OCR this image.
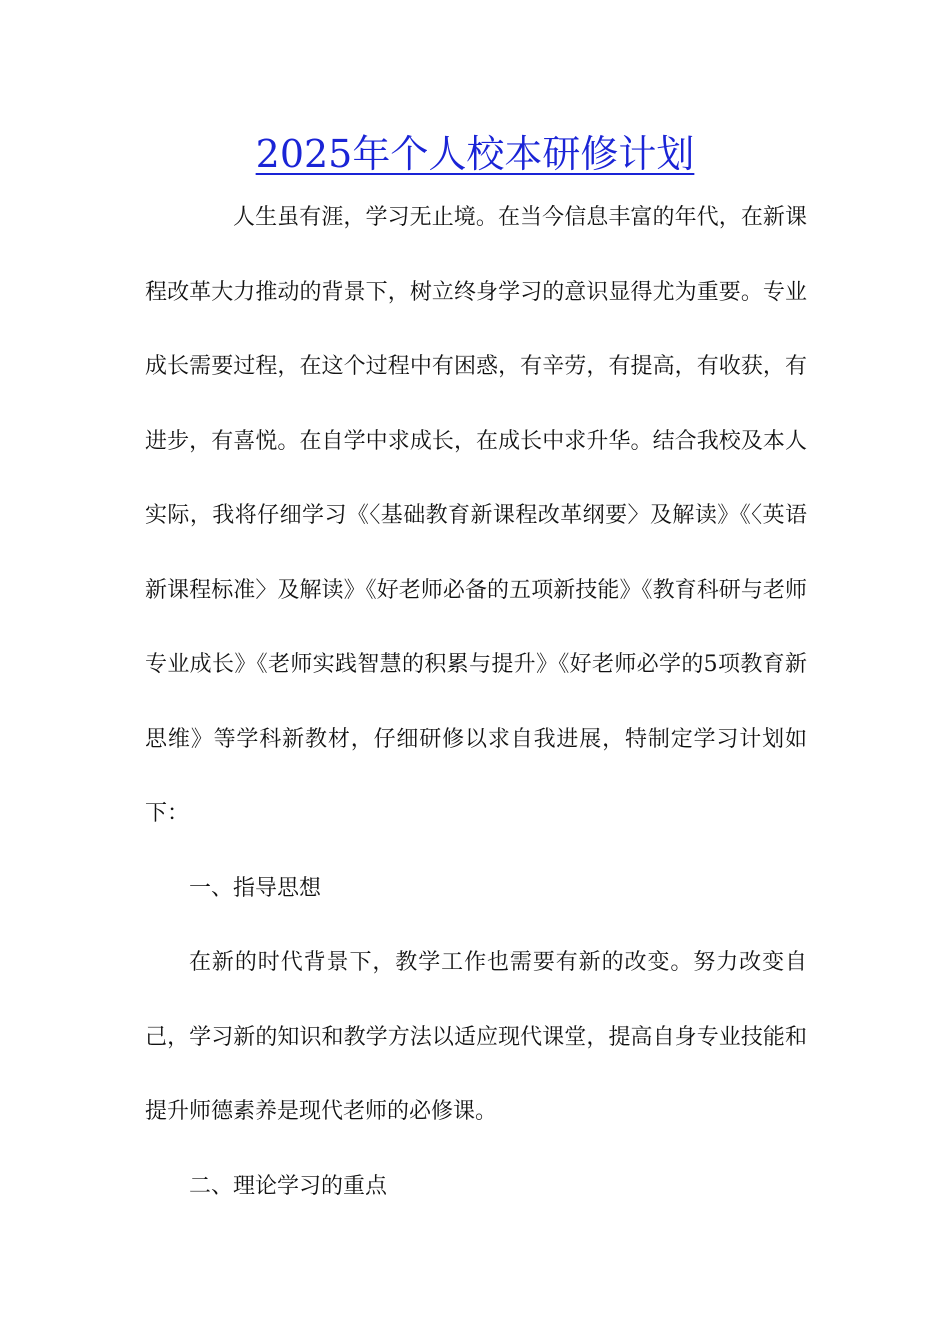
2025年个人校本研修计划

人生虽有涯，学习无止境。在当今信息丰富的年代，在新课程改革大力推动的背景下，树立终身学习的意识显得尤为重要。专业成长需要过程，在这个过程中有困惑，有辛劳，有提高，有收获，有进步，有喜悦。在自学中求成长，在成长中求升华。结合我校及本人实际，我将仔细学习《〈基础教育新课程改革纲要〉及解读》《〈英语新课程标准〉及解读》《好老师必备的五项新技能》《教育科研与老师专业成长》《老师实践智慧的积累与提升》《好老师必学的5项教育新思维》等学科新教材，仔细研修以求自我进展，特制定学习计划如下：

一、指导思想

在新的时代背景下，教学工作也需要有新的改变。努力改变自己，学习新的知识和教学方法以适应现代课堂，提高自身专业技能和提升师德素养是现代老师的必修课。

二、理论学习的重点
